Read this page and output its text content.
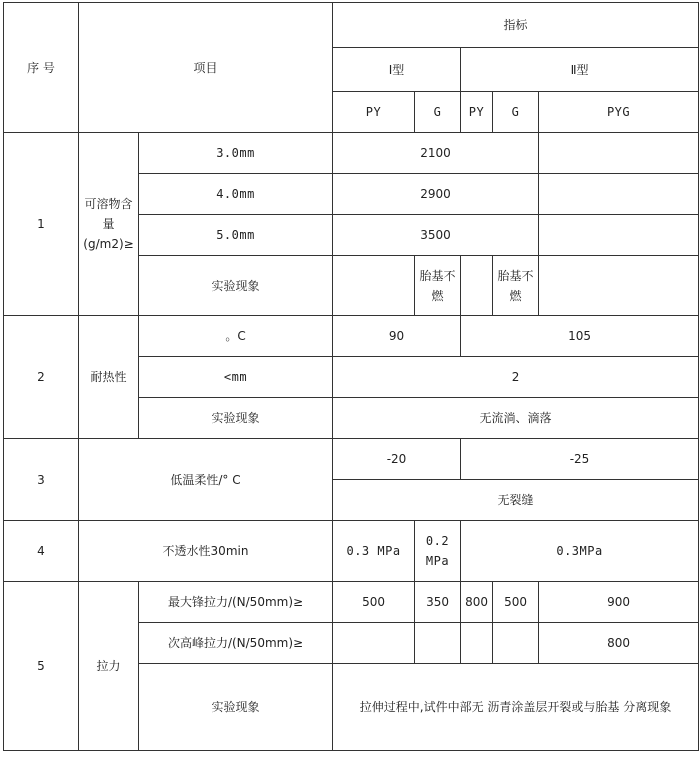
序 号	项目		指标				
			Ⅰ型		Ⅱ型		
			PY	G	PY	G	PYG
1	可溶物含量(g/m2)≥	3.0mm	2100				
		4.0mm	2900				
		5.0mm	3500				
		实验现象		胎基不燃		胎基不燃	
2	耐热性	。C	90		105		
		<mm	2				
		实验现象	无流淌、滴落				
3	低温柔性/° C		-20		-25		
			无裂缝				
4	不透水性30min		0.3 MPa	0.2 MPa	0.3MPa		
5	拉力	最大锋拉力/(N/50mm)≥	500	350	800	500	900
		次高峰拉力/(N/50mm)≥					800
		实验现象	拉伸过程中,试件中部无 沥青涂盖层开裂或与胎基 分离现象				
